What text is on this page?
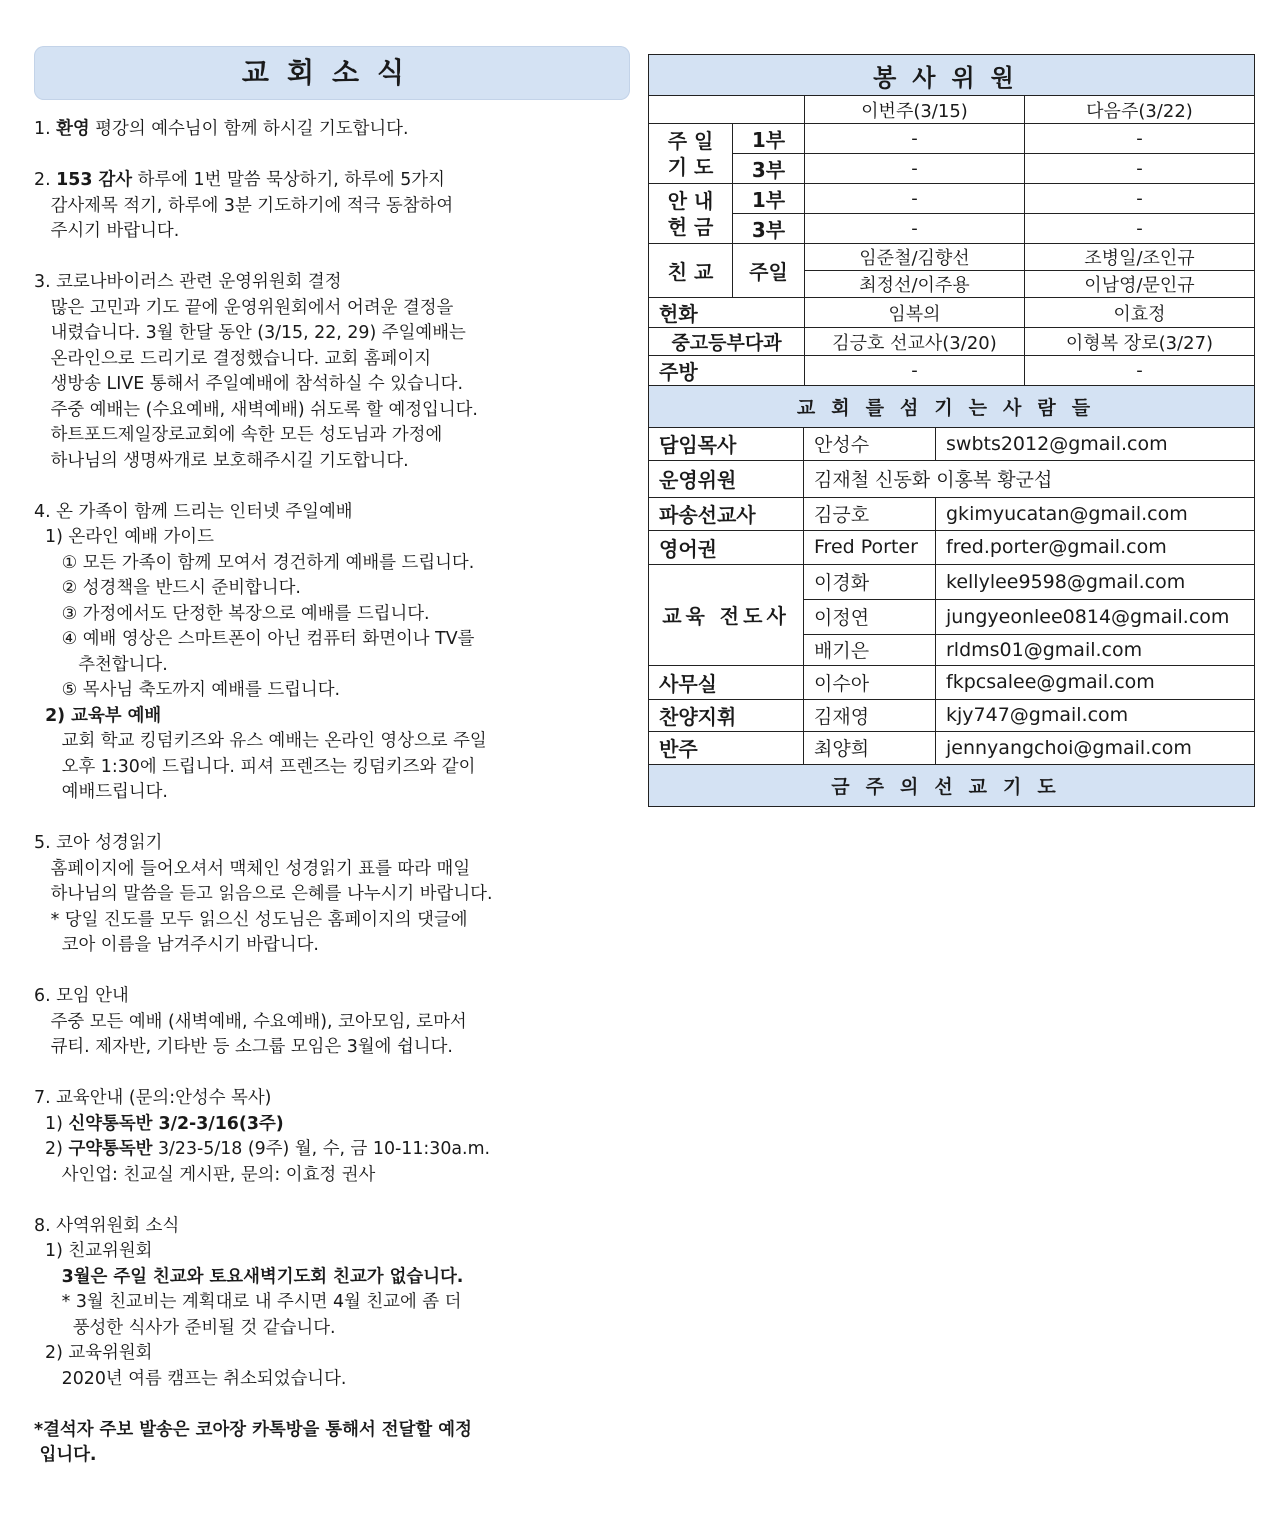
교회소식
1. 환영 평강의 예수님이 함께 하시길 기도합니다.
2. 153 감사 하루에 1번 말씀 묵상하기, 하루에 5가지
감사제목 적기, 하루에 3분 기도하기에 적극 동참하여
주시기 바랍니다.
3. 코로나바이러스 관련 운영위원회 결정
많은 고민과 기도 끝에 운영위원회에서 어려운 결정을
내렸습니다. 3월 한달 동안 (3/15, 22, 29) 주일예배는
온라인으로 드리기로 결정했습니다. 교회 홈페이지
생방송 LIVE 통해서 주일예배에 참석하실 수 있습니다.
주중 예배는 (수요예배, 새벽예배) 쉬도록 할 예정입니다.
하트포드제일장로교회에 속한 모든 성도님과 가정에
하나님의 생명싸개로 보호해주시길 기도합니다.
4. 온 가족이 함께 드리는 인터넷 주일예배
1) 온라인 예배 가이드
① 모든 가족이 함께 모여서 경건하게 예배를 드립니다.
② 성경책을 반드시 준비합니다.
③ 가정에서도 단정한 복장으로 예배를 드립니다.
④ 예배 영상은 스마트폰이 아닌 컴퓨터 화면이나 TV를
추천합니다.
⑤ 목사님 축도까지 예배를 드립니다.
2) 교육부 예배
교회 학교 킹덤키즈와 유스 예배는 온라인 영상으로 주일
오후 1:30에 드립니다. 피셔 프렌즈는 킹덤키즈와 같이
예배드립니다.
5. 코아 성경읽기
홈페이지에 들어오셔서 맥체인 성경읽기 표를 따라 매일
하나님의 말씀을 듣고 읽음으로 은혜를 나누시기 바랍니다.
* 당일 진도를 모두 읽으신 성도님은 홈페이지의 댓글에
코아 이름을 남겨주시기 바랍니다.
6. 모임 안내
주중 모든 예배 (새벽예배, 수요예배), 코아모임, 로마서
큐티. 제자반, 기타반 등 소그룹 모임은 3월에 쉽니다.
7. 교육안내 (문의:안성수 목사)
1) 신약통독반 3/2-3/16(3주)
2) 구약통독반 3/23-5/18 (9주) 월, 수, 금 10-11:30a.m.
사인업: 친교실 게시판, 문의: 이효정 권사
8. 사역위원회 소식
1) 친교위원회
3월은 주일 친교와 토요새벽기도회 친교가 없습니다.
* 3월 친교비는 계획대로 내 주시면 4월 친교에 좀 더
풍성한 식사가 준비될 것 같습니다.
2) 교육위원회
2020년 여름 캠프는 취소되었습니다.
*결석자 주보 발송은 코아장 카톡방을 통해서 전달할 예정
입니다.
봉사위원			
		이번주(3/15)	다음주(3/22)
주 일
기 도	1부	-	-
	3부	-	-
안 내
헌 금	1부	-	-
	3부	-	-
친 교	주일	임준철/김향선	조병일/조인규
		최정선/이주용	이남영/문인규
헌화		임복의	이효정
중고등부다과		김긍호 선교사(3/20)	이형복 장로(3/27)
주방		-	-
교회를섬기는사람들		
담임목사	안성수	swbts2012@gmail.com
운영위원	김재철 신동화 이홍복 황군섭	
파송선교사	김긍호	gkimyucatan@gmail.com
영어권	Fred Porter	fred.porter@gmail.com
교육 전도사	이경화	kellylee9598@gmail.com
	이정연	jungyeonlee0814@gmail.com
	배기은	rldms01@gmail.com
사무실	이수아	fkpcsalee@gmail.com
찬양지휘	김재영	kjy747@gmail.com
반주	최양희	jennyangchoi@gmail.com
금주의선교기도		
